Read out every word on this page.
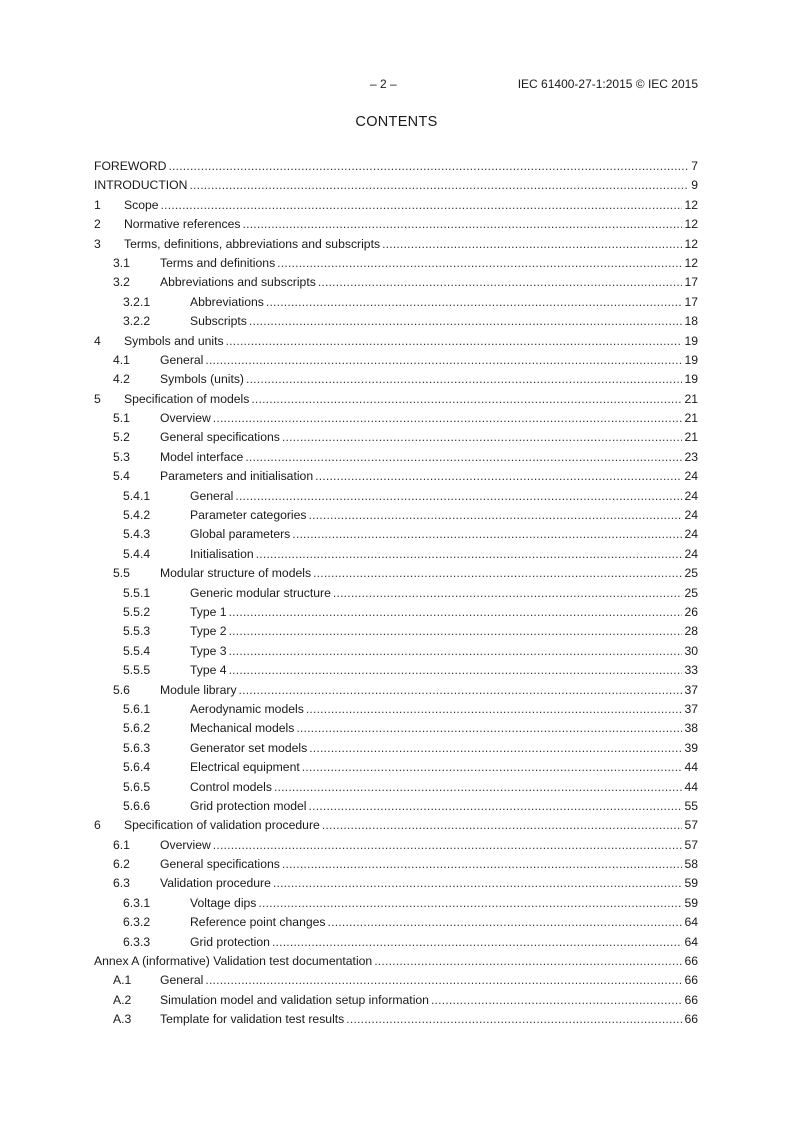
– 2 –	IEC 61400-27-1:2015 © IEC 2015
CONTENTS
FOREWORD .....	7
INTRODUCTION .....	9
1	Scope .....	12
2	Normative references .....	12
3	Terms, definitions, abbreviations and subscripts .....	12
3.1	Terms and definitions .....	12
3.2	Abbreviations and subscripts .....	17
3.2.1	Abbreviations .....	17
3.2.2	Subscripts .....	18
4	Symbols and units .....	19
4.1	General .....	19
4.2	Symbols (units) .....	19
5	Specification of models .....	21
5.1	Overview .....	21
5.2	General specifications .....	21
5.3	Model interface .....	23
5.4	Parameters and initialisation .....	24
5.4.1	General .....	24
5.4.2	Parameter categories .....	24
5.4.3	Global parameters .....	24
5.4.4	Initialisation .....	24
5.5	Modular structure of models .....	25
5.5.1	Generic modular structure .....	25
5.5.2	Type 1 .....	26
5.5.3	Type 2 .....	28
5.5.4	Type 3 .....	30
5.5.5	Type 4 .....	33
5.6	Module library .....	37
5.6.1	Aerodynamic models .....	37
5.6.2	Mechanical models .....	38
5.6.3	Generator set models .....	39
5.6.4	Electrical equipment .....	44
5.6.5	Control models .....	44
5.6.6	Grid protection model .....	55
6	Specification of validation procedure .....	57
6.1	Overview .....	57
6.2	General specifications .....	58
6.3	Validation procedure .....	59
6.3.1	Voltage dips .....	59
6.3.2	Reference point changes .....	64
6.3.3	Grid protection .....	64
Annex A (informative) Validation test documentation .....	66
A.1	General .....	66
A.2	Simulation model and validation setup information .....	66
A.3	Template for validation test results .....	66
